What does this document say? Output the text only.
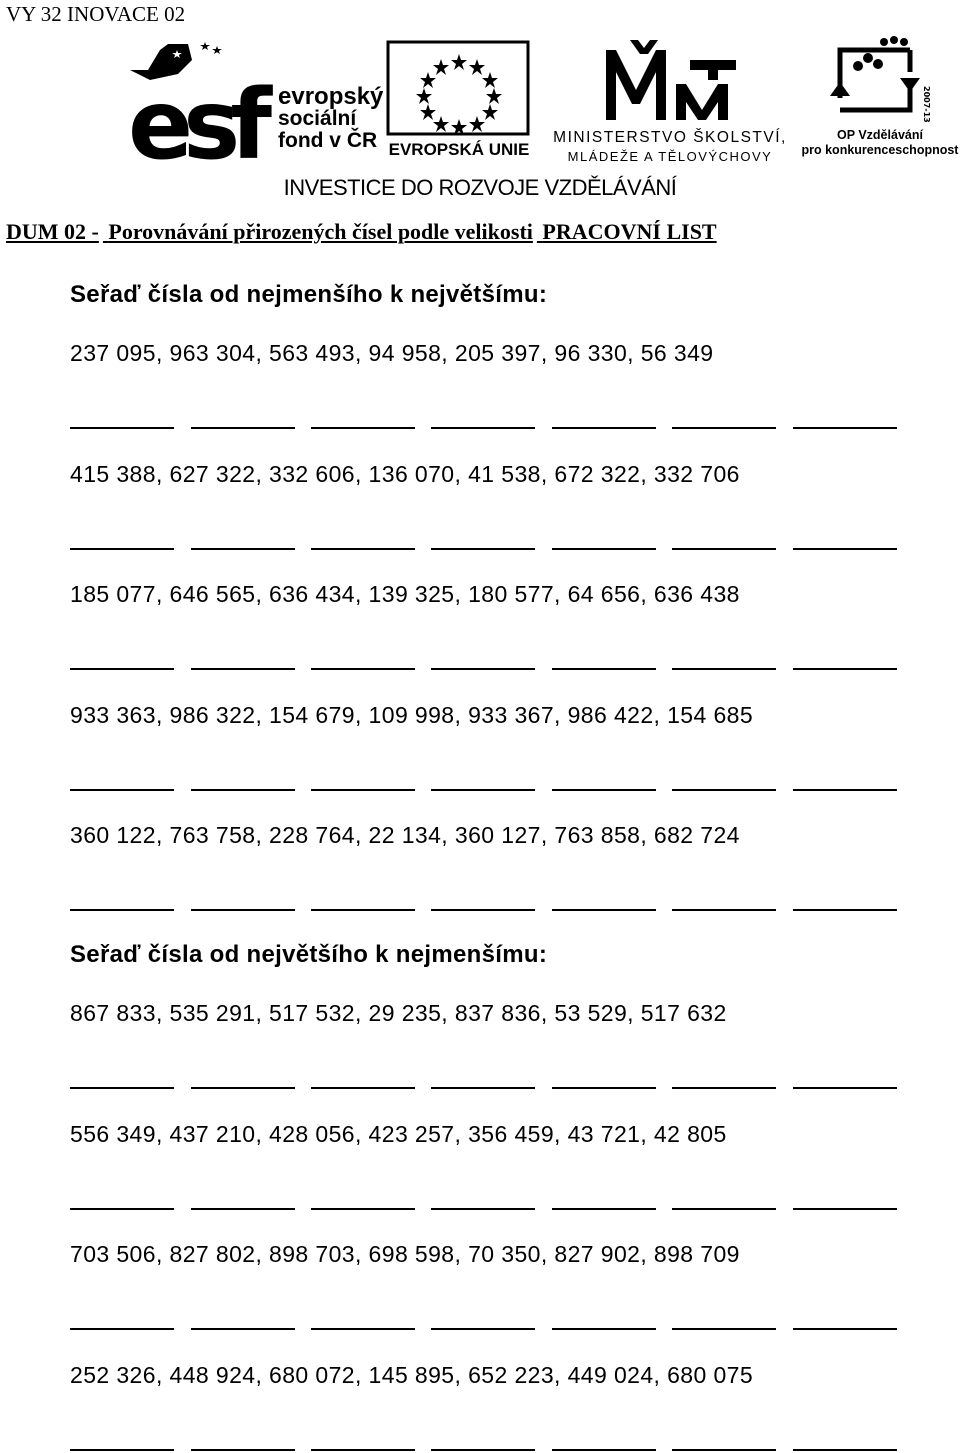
VY 32 INOVACE 02
esf evropský
sociální
fond v ČR EVROPSKÁ UNIE
MINISTERSTVO ŠKOLSTVÍ,
MLÁDEŽE A TĚLOVÝCHOVY
2007-13
OP Vzdělávání
pro konkurenceschopnost
INVESTICE DO ROZVOJE VZDĚLÁVÁNÍ
DUM 02 - Porovnávání přirozených čísel podle velikosti PRACOVNÍ LIST
Seřaď čísla od nejmenšího k největšímu:
237 095, 963 304, 563 493, 94 958, 205 397, 96 330, 56 349
415 388, 627 322, 332 606, 136 070, 41 538, 672 322, 332 706
185 077, 646 565, 636 434, 139 325, 180 577, 64 656, 636 438
933 363, 986 322, 154 679, 109 998, 933 367, 986 422, 154 685
360 122, 763 758, 228 764, 22 134, 360 127, 763 858, 682 724
Seřaď čísla od největšího k nejmenšímu:
867 833, 535 291, 517 532, 29 235, 837 836, 53 529, 517 632
556 349, 437 210, 428 056, 423 257, 356 459, 43 721, 42 805
703 506, 827 802, 898 703, 698 598, 70 350, 827 902, 898 709
252 326, 448 924, 680 072, 145 895, 652 223, 449 024, 680 075
